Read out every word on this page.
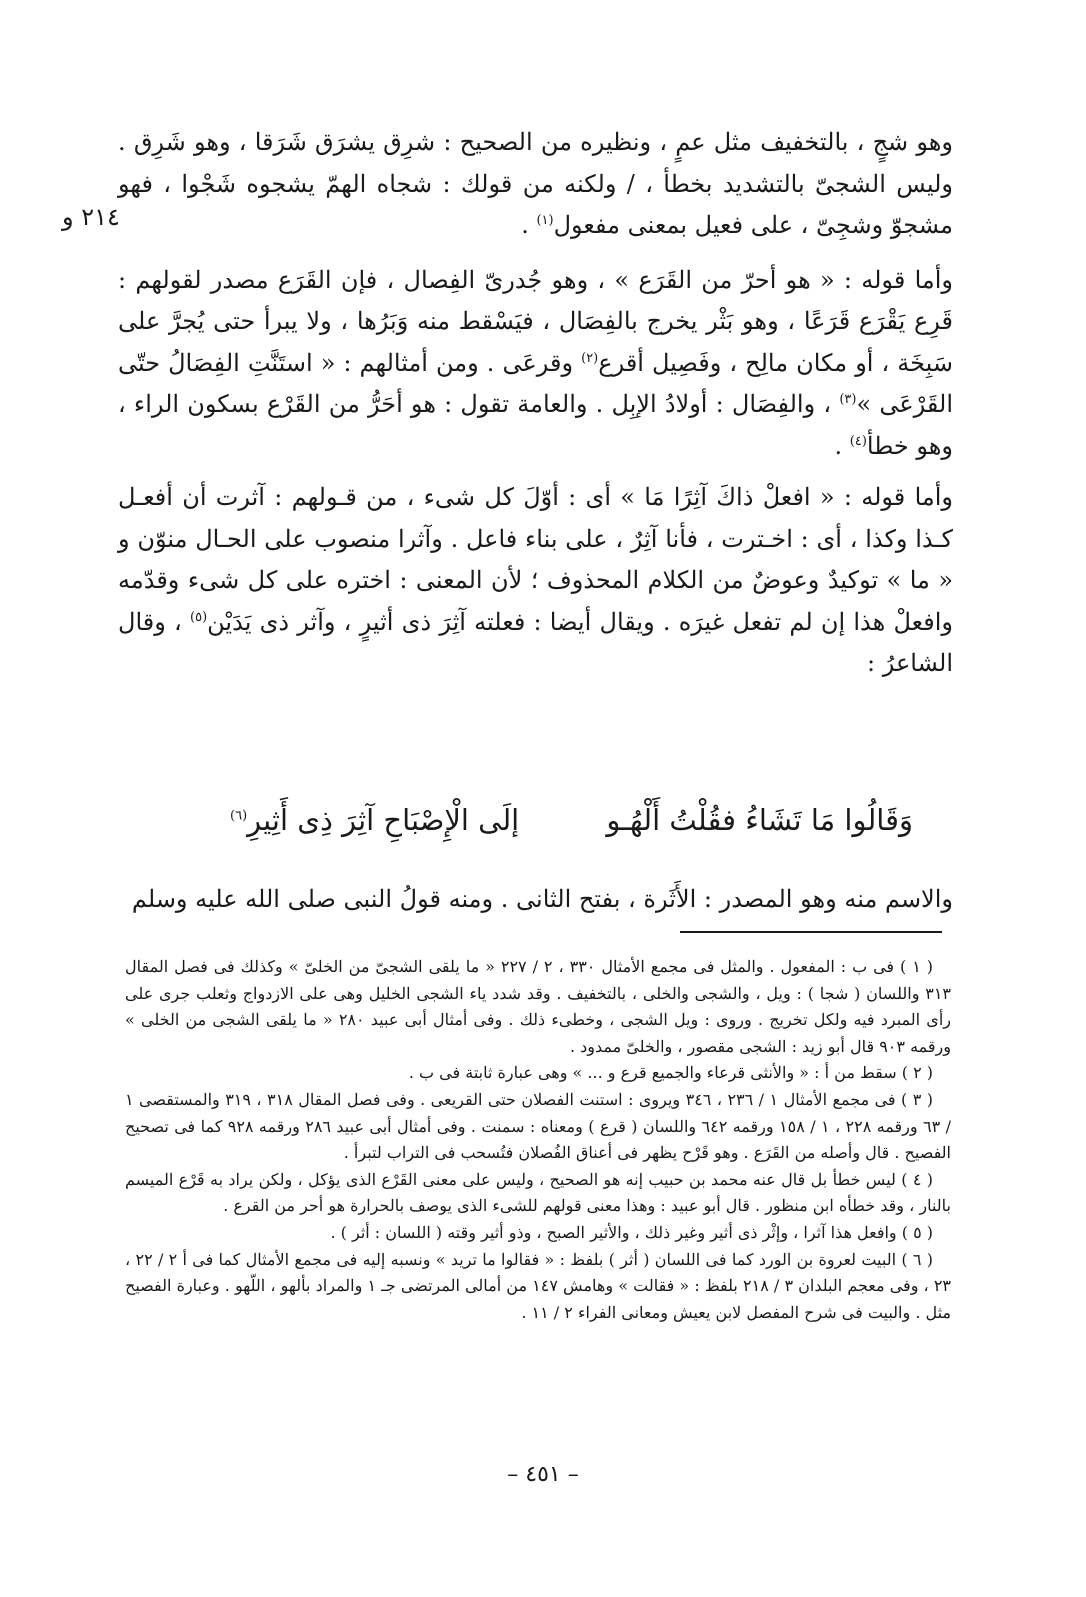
٢١٤ و

وهو شجٍ ، بالتخفيف مثل عمٍ ، ونظيره من الصحيح : شرِق يشرَق شَرَقا ، وهو شَرِق . وليس الشجىّ بالتشديد بخطأ ، / ولكنه من قولك : شجاه الهمّ يشجوه شَجْوا ، فهو مشجوّ وشجِىّ ، على فعيل بمعنى مفعول$^{(١)}$ .

وأما قوله : « هو أحرّ من القَرَع » ، وهو جُدرىّ الفِصال ، فإن القَرَع مصدر لقولهم : قَرِع يَقْرَع قَرَعًا ، وهو بَثْر يخرج بالفِصَال ، فيَسْقط منه وَبَرُها ، ولا يبرأ حتى يُجرَّ على سَبِخَة ، أو مكان مالِح ، وفَصِيل أقرع$^{(٢)}$ وقرعَى . ومن أمثالهم : « استَنَّتِ الفِصَالُ حتّى القَرْعَى »$^{(٣)}$ ، والفِصَال : أولادُ الإبِل . والعامة تقول : هو أحَرُّ من القَرْع بسكون الراء ، وهو خطأ$^{(٤)}$ .

وأما قوله : « افعلْ ذاكَ آثِرًا مَا » أى : أوّلَ كل شىء ، من قـولهم : آثرت أن أفعـل كـذا وكذا ، أى : اخـترت ، فأنا آثِرٌ ، على بناء فاعل . وآثرا منصوب على الحـال منوّن و « ما » توكيدٌ وعوضٌ من الكلام المحذوف ؛ لأن المعنى : اختره على كل شىء وقدّمه وافعلْ هذا إن لم تفعل غيرَه . ويقال أيضا : فعلته آثِرَ ذى أثيرٍ ، وآثر ذى يَدَيْن$^{(٥)}$ ، وقال الشاعرُ :

وَقَالُوا مَا تَشَاءُ فقُلْتُ أَلْهُـو
إلَى الْإِصْبَاحِ آثِرَ ذِى أَثِيرِ$^{(٦)}$
والاسم منه وهو المصدر : الأَثَرة ، بفتح الثانى . ومنه قولُ النبى صلى الله عليه وسلم

( ١ ) فى ب : المفعول . والمثل فى مجمع الأمثال ٣٣٠ ، ٢ / ٢٢٧ « ما يلقى الشجىّ من الخلىّ » وكذلك فى فصل المقال ٣١٣ واللسان ( شجا ) : ويل ، والشجى والخلى ، بالتخفيف . وقد شدد ياء الشجى الخليل وهى على الازدواج وثعلب جرى على رأى المبرد فيه ولكل تخريج . وروى : ويل الشجى ، وخطىء ذلك . وفى أمثال أبى عبيد ٢٨٠ « ما يلقى الشجى من الخلى » ورقمه ٩٠٣ قال أبو زيد : الشجى مقصور ، والخلىّ ممدود .

( ٢ ) سقط من أ : « والأنثى قرعاء والجميع قرع و ... » وهى عبارة ثابتة فى ب .

( ٣ ) فى مجمع الأمثال ١ / ٢٣٦ ، ٣٤٦ ويروى : استنت الفصلان حتى القريعى . وفى فصل المقال ٣١٨ ، ٣١٩ والمستقصى ١ / ٦٣ ورقمه ٢٢٨ ، ١ / ١٥٨ ورقمه ٦٤٢ واللسان ( قرع ) ومعناه : سمنت . وفى أمثال أبى عبيد ٢٨٦ ورقمه ٩٢٨ كما فى تصحيح الفصيح . قال وأصله من القَرَع . وهو قَرْح يظهر فى أعناق الفُصلان فتُسحب فى التراب لتبرأ .

( ٤ ) ليس خطأ بل قال عنه محمد بن حبيب إنه هو الصحيح ، وليس على معنى القَرْع الذى يؤكل ، ولكن يراد به قَرْع الميسم بالنار ، وقد خطأه ابن منظور . قال أبو عبيد : وهذا معنى قولهم للشىء الذى يوصف بالحرارة هو أحر من القرع .

( ٥ ) وافعل هذا آثرا ، وإثْر ذى أثير وغير ذلك ، والأثير الصبح ، وذو أثير وقته ( اللسان : أثر ) .

( ٦ ) البيت لعروة بن الورد كما فى اللسان ( أثر ) بلفظ : « فقالوا ما تريد » ونسبه إليه فى مجمع الأمثال كما فى أ ٢ / ٢٢ ، ٢٣ ، وفى معجم البلدان ٣ / ٢١٨ بلفظ : « فقالت » وهامش ١٤٧ من أمالى المرتضى جـ ١ والمراد بألهو ، اللّهو . وعبارة الفصيح مثل . والبيت فى شرح المفصل لابن يعيش ومعانى الفراء ٢ / ١١ .

– ٤٥١ –
